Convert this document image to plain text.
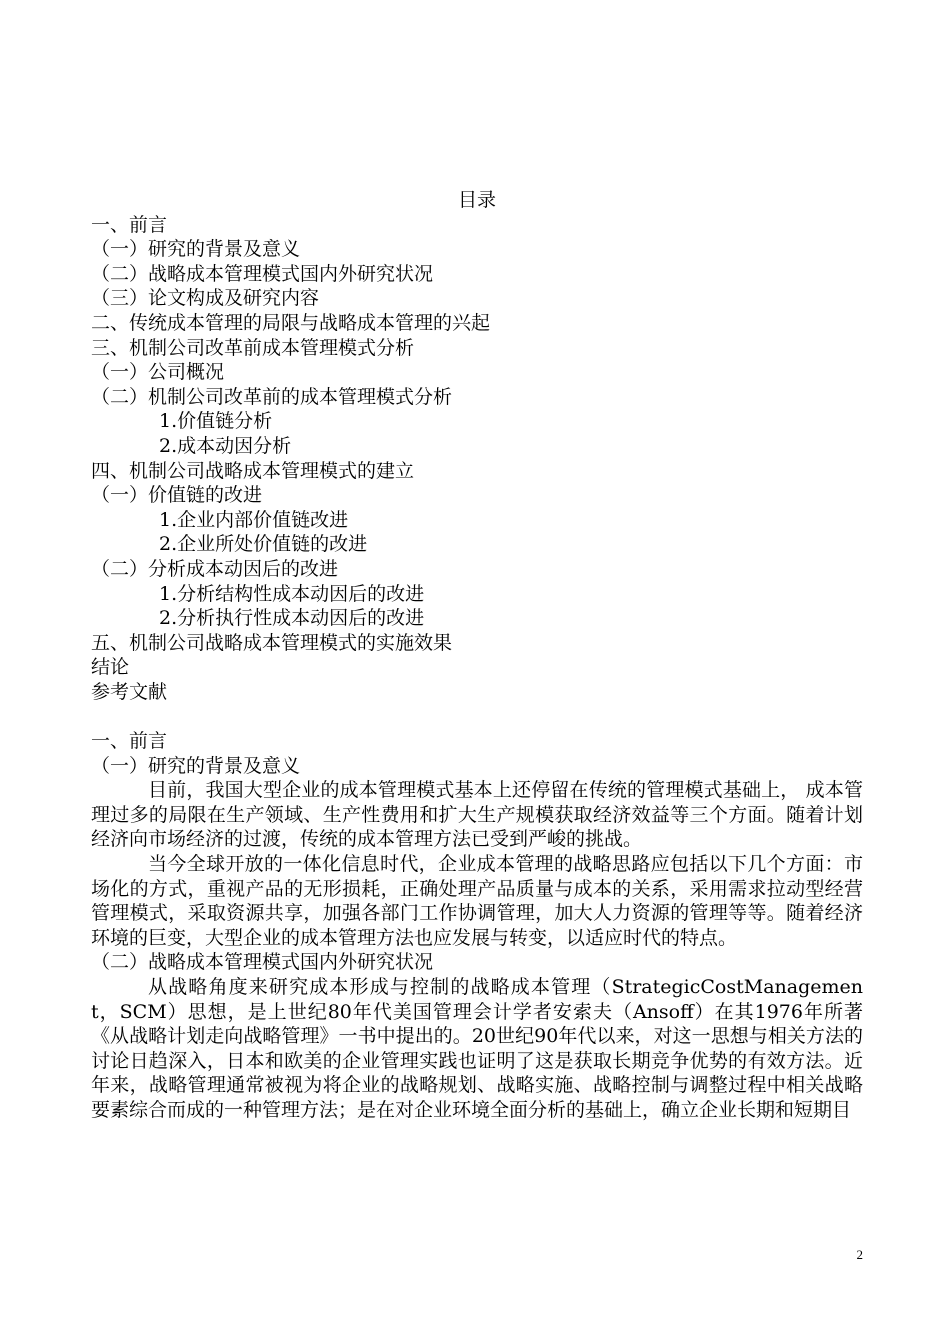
目录

一、前言

（一）研究的背景及意义

（二）战略成本管理模式国内外研究状况

（三）论文构成及研究内容

二、传统成本管理的局限与战略成本管理的兴起

三、机制公司改革前成本管理模式分析

（一）公司概况

（二）机制公司改革前的成本管理模式分析

1.价值链分析

2.成本动因分析

四、机制公司战略成本管理模式的建立

（一）价值链的改进

1.企业内部价值链改进

2.企业所处价值链的改进

（二）分析成本动因后的改进

1.分析结构性成本动因后的改进

2.分析执行性成本动因后的改进

五、机制公司战略成本管理模式的实施效果

结论

参考文献

一、前言

（一）研究的背景及意义

目前，我国大型企业的成本管理模式基本上还停留在传统的管理模式基础上， 成本管理过多的局限在生产领域、生产性费用和扩大生产规模获取经济效益等三个方面。随着计划经济向市场经济的过渡，传统的成本管理方法已受到严峻的挑战。

当今全球开放的一体化信息时代，企业成本管理的战略思路应包括以下几个方面：市场化的方式，重视产品的无形损耗，正确处理产品质量与成本的关系，采用需求拉动型经营管理模式，采取资源共享，加强各部门工作协调管理，加大人力资源的管理等等。随着经济环境的巨变，大型企业的成本管理方法也应发展与转变，以适应时代的特点。

（二）战略成本管理模式国内外研究状况

从战略角度来研究成本形成与控制的战略成本管理（StrategicCostManagement，SCM）思想，是上世纪80年代美国管理会计学者安索夫（Ansoff）在其1976年所著《从战略计划走向战略管理》一书中提出的。20世纪90年代以来，对这一思想与相关方法的讨论日趋深入，日本和欧美的企业管理实践也证明了这是获取长期竞争优势的有效方法。近年来，战略管理通常被视为将企业的战略规划、战略实施、战略控制与调整过程中相关战略要素综合而成的一种管理方法；是在对企业环境全面分析的基础上，确立企业长期和短期目

2
